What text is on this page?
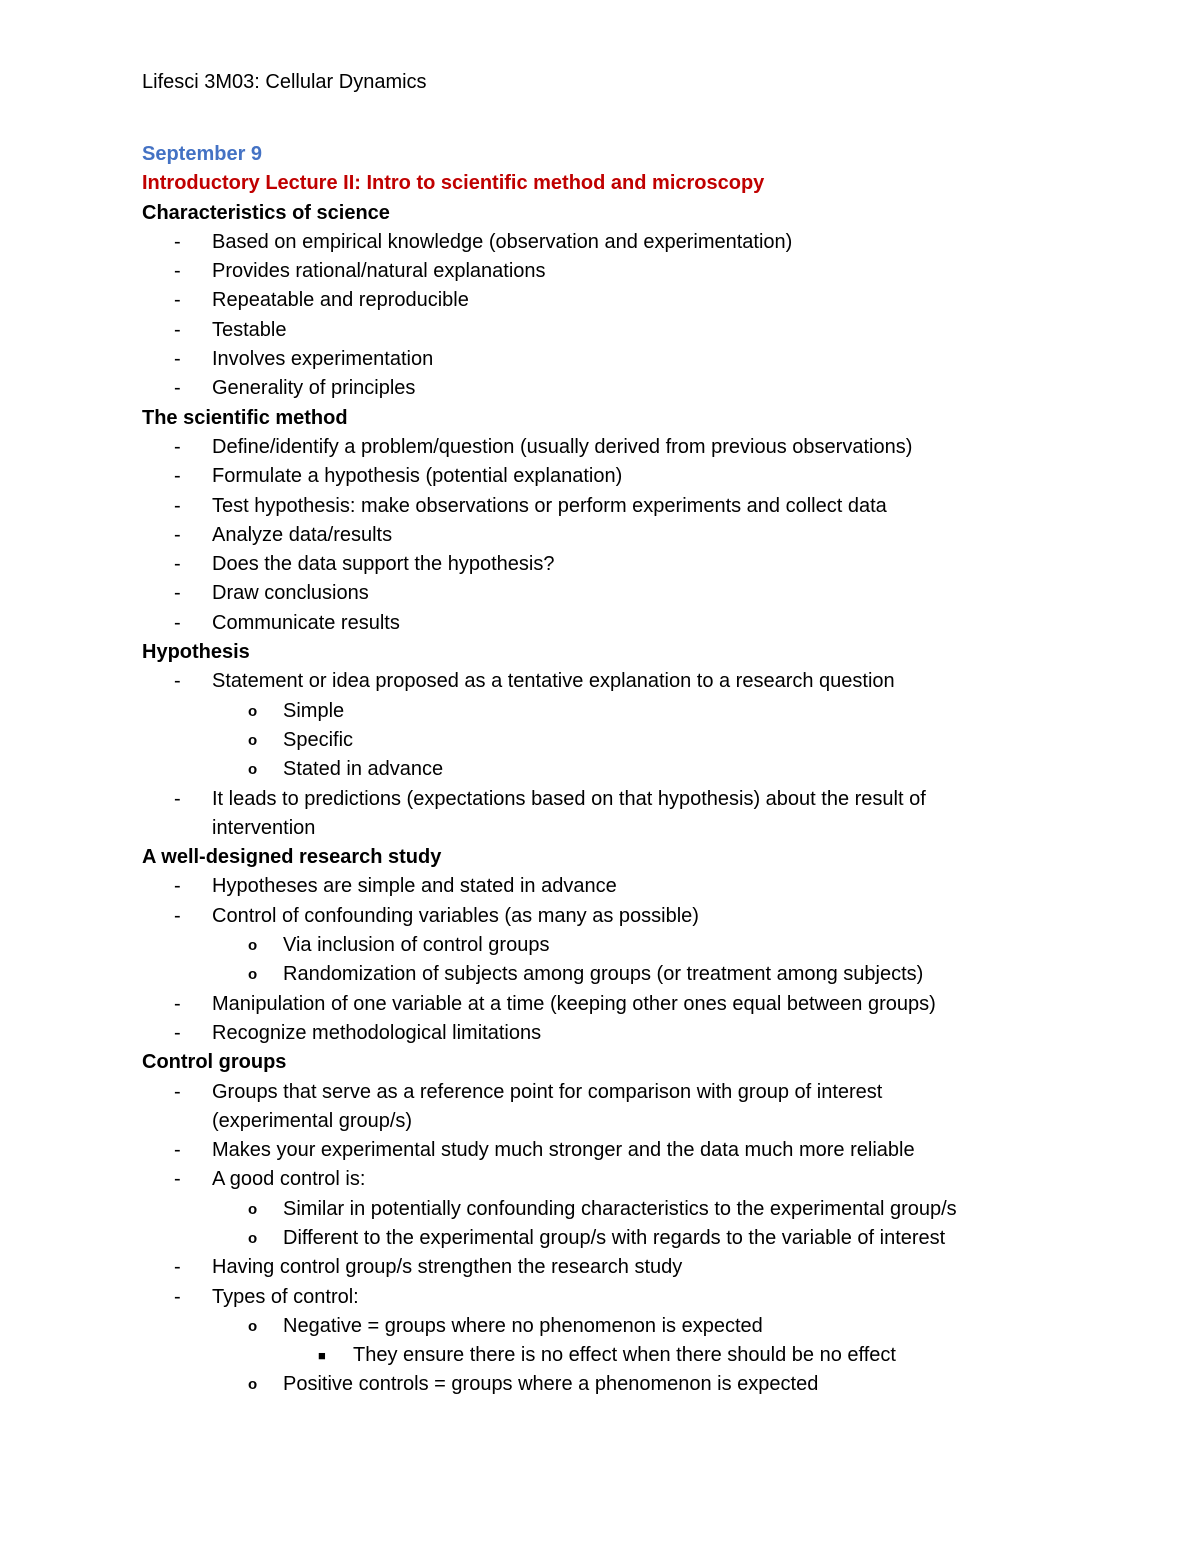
Lifesci 3M03: Cellular Dynamics
September 9
Introductory Lecture II: Intro to scientific method and microscopy
Characteristics of science
- Based on empirical knowledge (observation and experimentation)
- Provides rational/natural explanations
- Repeatable and reproducible
- Testable
- Involves experimentation
- Generality of principles
The scientific method
- Define/identify a problem/question (usually derived from previous observations)
- Formulate a hypothesis (potential explanation)
- Test hypothesis: make observations or perform experiments and collect data
- Analyze data/results
- Does the data support the hypothesis?
- Draw conclusions
- Communicate results
Hypothesis
- Statement or idea proposed as a tentative explanation to a research question
o Simple
o Specific
o Stated in advance
- It leads to predictions (expectations based on that hypothesis) about the result of
intervention
A well-designed research study
- Hypotheses are simple and stated in advance
- Control of confounding variables (as many as possible)
o Via inclusion of control groups
o Randomization of subjects among groups (or treatment among subjects)
- Manipulation of one variable at a time (keeping other ones equal between groups)
- Recognize methodological limitations
Control groups
- Groups that serve as a reference point for comparison with group of interest
(experimental group/s)
- Makes your experimental study much stronger and the data much more reliable
- A good control is:
o Similar in potentially confounding characteristics to the experimental group/s
o Different to the experimental group/s with regards to the variable of interest
- Having control group/s strengthen the research study
- Types of control:
o Negative = groups where no phenomenon is expected
■ They ensure there is no effect when there should be no effect
o Positive controls = groups where a phenomenon is expected
